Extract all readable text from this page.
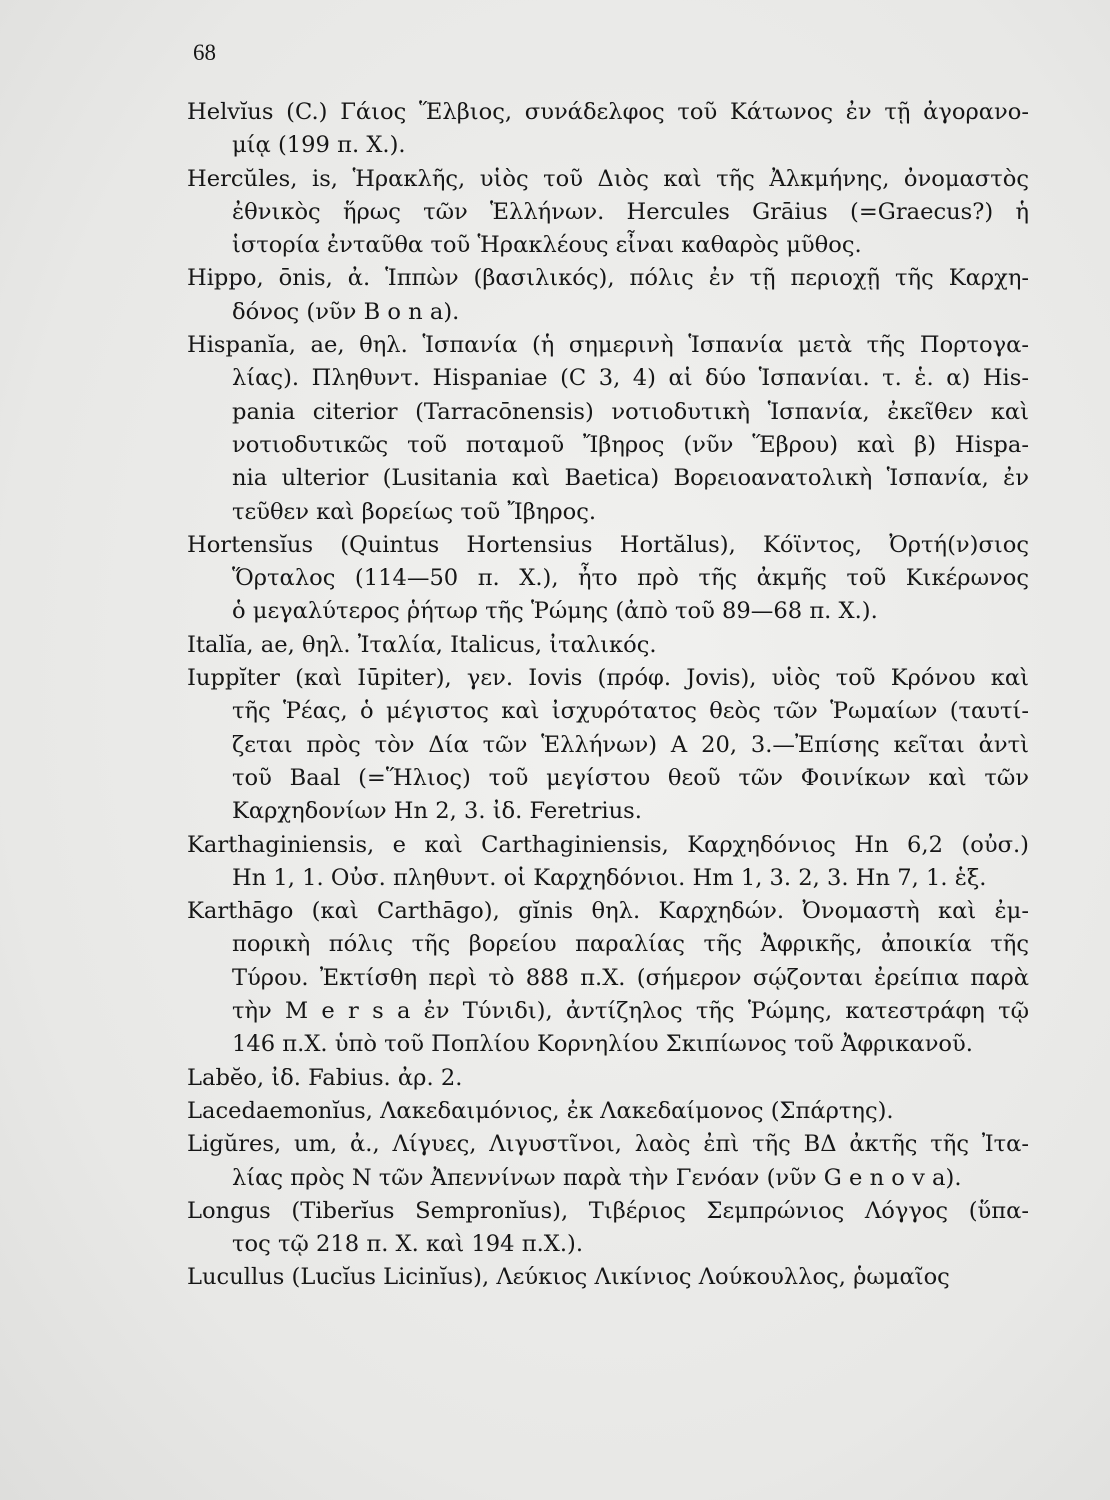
68
Helvĭus (C.) Γάιος Ἕλβιος, συνάδελφος τοῦ Κάτωνος ἐν τῇ ἀγορανο-
μίᾳ (199 π. Χ.).
Hercŭles, is, Ἡρακλῆς, υἱὸς τοῦ Διὸς καὶ τῆς Ἀλκμήνης, ὀνομαστὸς
ἐθνικὸς ἥρως τῶν Ἑλλήνων. Hercules Grāius (=Graecus?) ἡ
ἱστορία ἐνταῦθα τοῦ Ἡρακλέους εἶναι καθαρὸς μῦθος.
Hippo, ōnis, ἀ. Ἱππὼν (βασιλικός), πόλις ἐν τῇ περιοχῇ τῆς Καρχη-
δόνος (νῦν B o n a).
Hispanĭa, ae, θηλ. Ἱσπανία (ἡ σημερινὴ Ἱσπανία μετὰ τῆς Πορτογα-
λίας). Πληθυντ. Hispaniae (C 3, 4) αἱ δύο Ἱσπανίαι. τ. ἑ. α) His-
pania citerior (Tarracōnensis) νοτιοδυτικὴ Ἱσπανία, ἐκεῖθεν καὶ
νοτιοδυτικῶς τοῦ ποταμοῦ Ἴβηρος (νῦν Ἕβρου) καὶ β) Hispa-
nia ulterior (Lusitania καὶ Baetica) Βορειοανατολικὴ Ἱσπανία, ἐν
τεῦθεν καὶ βορείως τοῦ Ἴβηρος.
Hortensĭus (Quintus Hortensius Hortălus), Κόϊντος, Ὀρτή(ν)σιος
Ὅρταλος (114—50 π. Χ.), ἦτο πρὸ τῆς ἀκμῆς τοῦ Κικέρωνος
ὁ μεγαλύτερος ῥήτωρ τῆς Ῥώμης (ἀπὸ τοῦ 89—68 π. Χ.).
Italĭa, ae, θηλ. Ἰταλία, Italicus, ἰταλικός.
Iuppĭter (καὶ Iūpiter), γεν. Iovis (πρόφ. Jovis), υἱὸς τοῦ Κρόνου καὶ
τῆς Ῥέας, ὁ μέγιστος καὶ ἰσχυρότατος θεὸς τῶν Ῥωμαίων (ταυτί-
ζεται πρὸς τὸν Δία τῶν Ἑλλήνων) A 20, 3.—Ἐπίσης κεῖται ἀντὶ
τοῦ Baal (=Ἥλιος) τοῦ μεγίστου θεοῦ τῶν Φοινίκων καὶ τῶν
Καρχηδονίων Hn 2, 3. ἰδ. Feretrius.
Karthaginiensis, e καὶ Carthaginiensis, Καρχηδόνιος Hn 6,2 (οὐσ.)
Hn 1, 1. Οὐσ. πληθυντ. οἱ Καρχηδόνιοι. Hm 1, 3. 2, 3. Hn 7, 1. ἑξ.
Karthāgo (καὶ Carthāgo), gĭnis θηλ. Καρχηδών. Ὀνομαστὴ καὶ ἐμ-
πορικὴ πόλις τῆς βορείου παραλίας τῆς Ἀφρικῆς, ἀποικία τῆς
Τύρου. Ἐκτίσθη περὶ τὸ 888 π.Χ. (σήμερον σῴζονται ἐρείπια παρὰ
τὴν M e r s a ἐν Τύνιδι), ἀντίζηλος τῆς Ῥώμης, κατεστράφη τῷ
146 π.Χ. ὑπὸ τοῦ Ποπλίου Κορνηλίου Σκιπίωνος τοῦ Ἀφρικανοῦ.
Labĕo, ἰδ. Fabius. ἀρ. 2.
Lacedaemonĭus, Λακεδαιμόνιος, ἐκ Λακεδαίμονος (Σπάρτης).
Ligŭres, um, ἀ., Λίγυες, Λιγυστῖνοι, λαὸς ἐπὶ τῆς ΒΔ ἀκτῆς τῆς Ἰτα-
λίας πρὸς Ν τῶν Ἀπεννίνων παρὰ τὴν Γενόαν (νῦν G e n o v a).
Longus (Tiberĭus Sempronĭus), Τιβέριος Σεμπρώνιος Λόγγος (ὕπα-
τος τῷ 218 π. Χ. καὶ 194 π.Χ.).
Lucullus (Lucĭus Licinĭus), Λεύκιος Λικίνιος Λούκουλλος, ῥωμαῖος
